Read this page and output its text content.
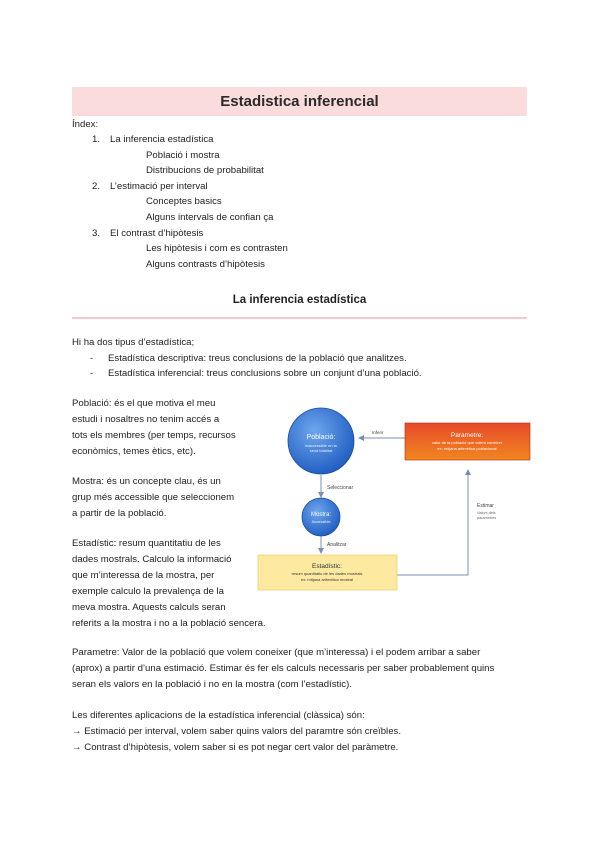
Estadistica inferencial
Índex:
1. La inferencia estadística
Població i mostra
Distribucions de probabilitat
2. L’estimació per interval
Conceptes basics
Alguns intervals de confian ça
3. El contrast d’hipòtesis
Les hipòtesis i com es contrasten
Alguns contrasts d’hipòtesis
La inferencia estadística
Hi ha dos tipus d’estadística;
- Estadística descriptiva: treus conclusions de la població que analitzes.
- Estadística inferencial: treus conclusions sobre un conjunt d’una població.
Població: és el que motiva el meu
estudi i nosaltres no tenim accés a
tots els membres (per temps, recursos
econòmics, temes ètics, etc).
Mostra: és un concepte clau, és un
grup més accessible que seleccionem
a partir de la població.
Estadístic: resum quantitatiu de les
dades mostrals. Calculo la informació
que m’interessa de la mostra, per
exemple calculo la prevalença de la
meva mostra. Aquests calculs seran
referits a la mostra i no a la població sencera.
Població:
inaccessible en la
seva totalitat
Mostra:
Accessible
Parametre:
valor de la població que volem conèixer
ex: mitjana aritmètica poblacional
Estadístic:
resum quantitatiu de les dades mostrals
ex: mitjana aritmètica mostral
Inferir
Seleccionar
Analitzar
Estimar
Valors dels
paràmetres
Parametre: Valor de la població que volem coneixer (que m’interessa) i el podem arribar a saber
(aprox) a partir d’una estimació. Estimar és fer els calculs necessaris per saber probablement quins
seran els valors en la població i no en la mostra (com l’estadístic).
Les diferentes aplicacions de la estadística inferencial (clàssica) són:
→ Estimació per interval, volem saber quins valors del paramtre són creïbles.
→ Contrast d’hipòtesis, volem saber si es pot negar cert valor del paràmetre.
